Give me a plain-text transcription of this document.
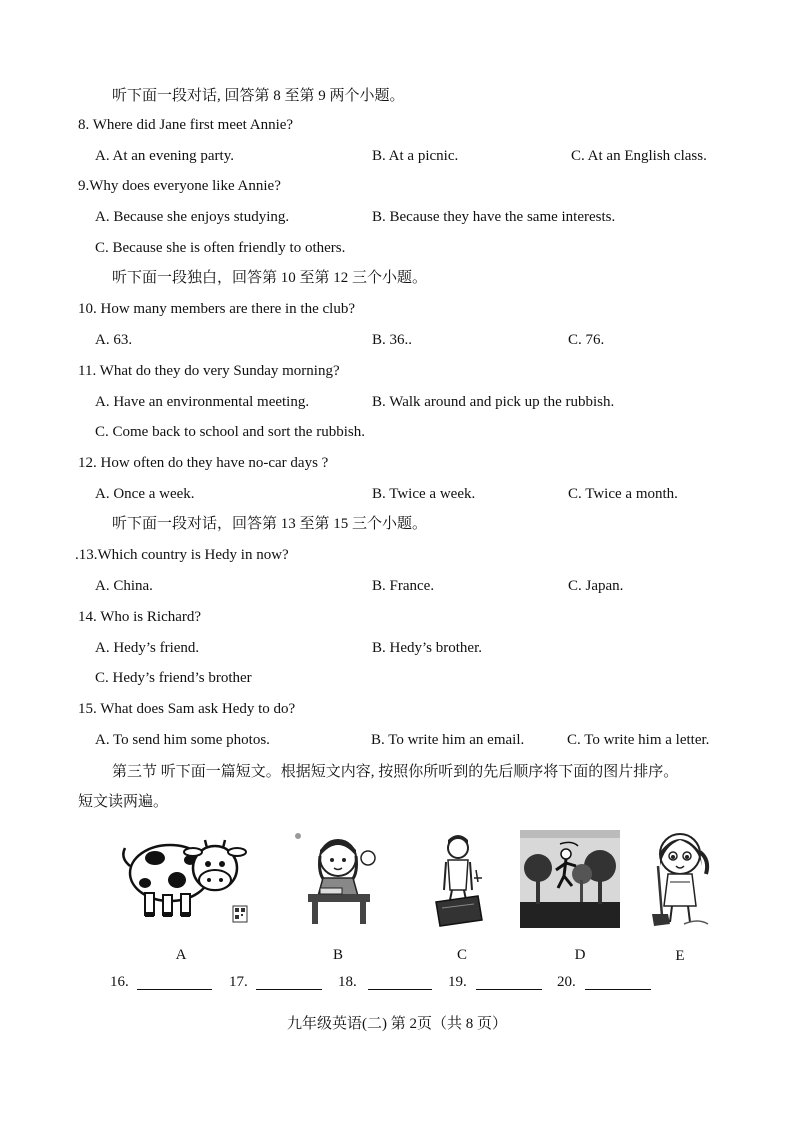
听下面一段对话, 回答第 8 至第 9 两个小题。
8. Where did Jane first meet Annie?
A. At an evening party.	B. At a picnic.	C. At an English class.
9.Why does everyone like Annie?
A. Because she enjoys studying.	B. Because they have the same interests.
C. Because she is often friendly to others.
听下面一段独白，回答第 10 至第 12 三个小题。
10. How many members are there in the club?
A. 63.	B. 36..	C. 76.
11. What do they do very Sunday morning?
A. Have an environmental meeting.	B. Walk around and pick up the rubbish.
C. Come back to school and sort the rubbish.
12. How often do they have no-car days ?
A. Once a week.	B. Twice a week.	C. Twice a month.
听下面一段对话，回答第 13 至第 15 三个小题。
.13.Which country is Hedy in now?
A. China.	B. France.	C. Japan.
14. Who is Richard?
A. Hedy’s friend.	B. Hedy’s brother.
C. Hedy’s friend’s brother
15. What does Sam ask Hedy to do?
A. To send him some photos.	B. To write him an email.	C. To write him a letter.
第三节 听下面一篇短文。根据短文内容, 按照你所听到的先后顺序将下面的图片排序。
短文读两遍。
A	B	C	D	E
16.	17.	18.	19.	20.
九年级英语(二) 第 2页（共 8 页）
